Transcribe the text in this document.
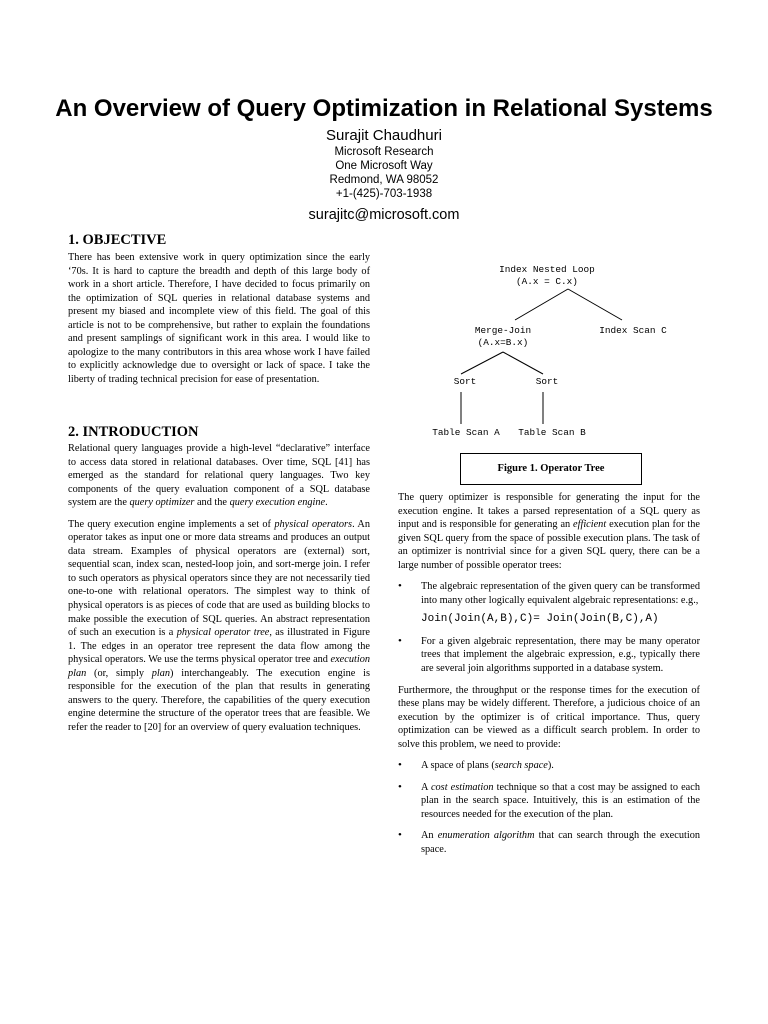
An Overview of Query Optimization in Relational Systems
Surajit Chaudhuri
Microsoft Research
One Microsoft Way
Redmond, WA 98052
+1-(425)-703-1938
surajitc@microsoft.com
1. OBJECTIVE

There has been extensive work in query optimization since the early ‘70s. It is hard to capture the breadth and depth of this large body of work in a short article. Therefore, I have decided to focus primarily on the optimization of SQL queries in relational database systems and present my biased and incomplete view of this field. The goal of this article is not to be comprehensive, but rather to explain the foundations and present samplings of significant work in this area. I would like to apologize to the many contributors in this area whose work I have failed to explicitly acknowledge due to oversight or lack of space. I take the liberty of trading technical precision for ease of presentation.

2. INTRODUCTION

Relational query languages provide a high-level “declarative” interface to access data stored in relational databases. Over time, SQL [41] has emerged as the standard for relational query languages. Two key components of the query evaluation component of a SQL database system are the query optimizer and the query execution engine.

The query execution engine implements a set of physical operators. An operator takes as input one or more data streams and produces an output data stream. Examples of physical operators are (external) sort, sequential scan, index scan, nested-loop join, and sort-merge join. I refer to such operators as physical operators since they are not necessarily tied one-to-one with relational operators. The simplest way to think of physical operators is as pieces of code that are used as building blocks to make possible the execution of SQL queries. An abstract representation of such an execution is a physical operator tree, as illustrated in Figure 1. The edges in an operator tree represent the data flow among the physical operators. We use the terms physical operator tree and execution plan (or, simply plan) interchangeably. The execution engine is responsible for the execution of the plan that results in generating answers to the query. Therefore, the capabilities of the query execution engine determine the structure of the operator trees that are feasible. We refer the reader to [20] for an overview of query evaluation techniques.

Index Nested Loop
(A.x = C.x)
Merge-Join
(A.x=B.x)
Index Scan C
Sort	Sort
Table Scan A	Table Scan B
Figure 1. Operator Tree

The query optimizer is responsible for generating the input for the execution engine. It takes a parsed representation of a SQL query as input and is responsible for generating an efficient execution plan for the given SQL query from the space of possible execution plans. The task of an optimizer is nontrivial since for a given SQL query, there can be a large number of possible operator trees:

• The algebraic representation of the given query can be transformed into many other logically equivalent algebraic representations: e.g.,
Join(Join(A,B),C)= Join(Join(B,C),A)
• For a given algebraic representation, there may be many operator trees that implement the algebraic expression, e.g., typically there are several join algorithms supported in a database system.

Furthermore, the throughput or the response times for the execution of these plans may be widely different. Therefore, a judicious choice of an execution by the optimizer is of critical importance. Thus, query optimization can be viewed as a difficult search problem. In order to solve this problem, we need to provide:

• A space of plans (search space).
• A cost estimation technique so that a cost may be assigned to each plan in the search space. Intuitively, this is an estimation of the resources needed for the execution of the plan.
• An enumeration algorithm that can search through the execution space.
